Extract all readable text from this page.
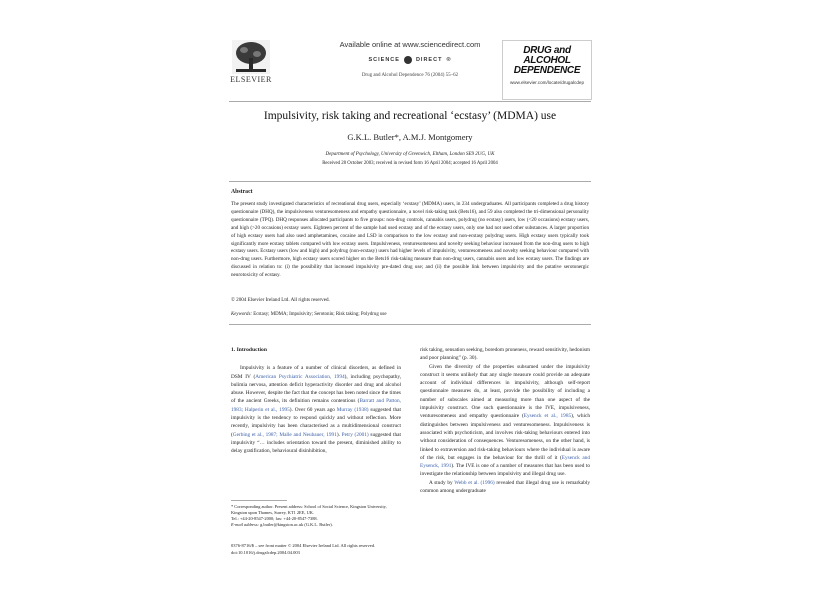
ELSEVIER
Available online at www.sciencedirect.com
SCIENCE	DIRECT ®
Drug and Alcohol Dependence 76 (2004) 55–62
DRUG and
ALCOHOL
DEPENDENCE
www.elsevier.com/locate/drugalcdep
Impulsivity, risk taking and recreational ‘ecstasy’ (MDMA) use
G.K.L. Butler*, A.M.J. Montgomery
Department of Psychology, University of Greenwich, Eltham, London SE9 2UG, UK
Received 28 October 2003; received in revised form 16 April 2004; accepted 16 April 2004
Abstract
The present study investigated characteristics of recreational drug users, especially ‘ecstasy’ (MDMA) users, in 234 undergraduates. All participants completed a drug history questionnaire (DHQ), the impulsiveness venturesomeness and empathy questionnaire, a novel risk-taking task (Bets16), and 59 also completed the tri-dimensional personality questionnaire (TPQ). DHQ responses allocated participants to five groups: non-drug controls, cannabis users, polydrug (no ecstasy) users, low (<20 occasions) ecstasy users, and high (>20 occasions) ecstasy users. Eighteen percent of the sample had used ecstasy and of the ecstasy users, only one had not used other substances. A larger proportion of high ecstasy users had also used amphetamines, cocaine and LSD in comparison to the low ecstasy and non-ecstasy polydrug users. High ecstasy users typically took significantly more ecstasy tablets compared with low ecstasy users. Impulsiveness, venturesomeness and novelty seeking behaviour increased from the non-drug users to high ecstasy users. Ecstasy users (low and high) and polydrug (non-ecstasy) users had higher levels of impulsivity, venturesomeness and novelty seeking behaviour compared with non-drug users. Furthermore, high ecstasy users scored higher on the Bets16 risk-taking measure than non-drug users, cannabis users and low ecstasy users. The findings are discussed in relation to: (i) the possibility that increased impulsivity pre-dated drug use; and (ii) the possible link between impulsivity and the putative serotonergic neurotoxicity of ecstasy.
© 2004 Elsevier Ireland Ltd. All rights reserved.
Keywords: Ecstasy; MDMA; Impulsivity; Serotonin; Risk taking; Polydrug use
1. Introduction

Impulsivity is a feature of a number of clinical disorders, as defined in DSM IV (American Psychiatric Association, 1994), including psychopathy, bulimia nervosa, attention deficit hyperactivity disorder and drug and alcohol abuse. However, despite the fact that the concept has been noted since the times of the ancient Greeks, its definition remains contentious (Barratt and Patton, 1983; Halperin et al., 1995). Over 60 years ago Murray (1938) suggested that impulsivity is the tendency to respond quickly and without reflection. More recently, impulsivity has been characterised as a multidimensional construct (Gerbing et al., 1987; Malle and Neubauer, 1991). Petry (2001) suggested that impulsivity “… includes orientation toward the present, diminished ability to delay gratification, behavioural disinhibition,

risk taking, sensation seeking, boredom proneness, reward sensitivity, hedonism and poor planning” (p. 30).

Given the diversity of the properties subsumed under the impulsivity construct it seems unlikely that any single measure could provide an adequate account of individual differences in impulsivity, although self-report questionnaire measures do, at least, provide the possibility of including a number of subscales aimed at measuring more than one aspect of the impulsivity construct. One such questionnaire is the IVE, impulsiveness, venturesomeness and empathy questionnaire (Eysenck et al., 1985), which distinguishes between impulsiveness and venturesomeness. Impulsiveness is associated with psychoticism, and involves risk-taking behaviours entered into without consideration of consequences. Venturesomeness, on the other hand, is linked to extraversion and risk-taking behaviours where the individual is aware of the risk, but engages in the behaviour for the thrill of it (Eysenck and Eysenck, 1991). The IVE is one of a number of measures that has been used to investigate the relationship between impulsivity and illegal drug use.

A study by Webb et al. (1996) revealed that illegal drug use is remarkably common among undergraduate

* Corresponding author. Present address: School of Social Science, Kingston University, Kingston upon Thames, Surrey, KT1 2EE, UK.
Tel.: +44-20-8547-2000; fax: +44-20-8547-7388.
E-mail address: g.butler@kingston.ac.uk (G.K.L. Butler).
0376-8716/$ – see front matter © 2004 Elsevier Ireland Ltd. All rights reserved.
doi:10.1016/j.drugalcdep.2004.04.003
